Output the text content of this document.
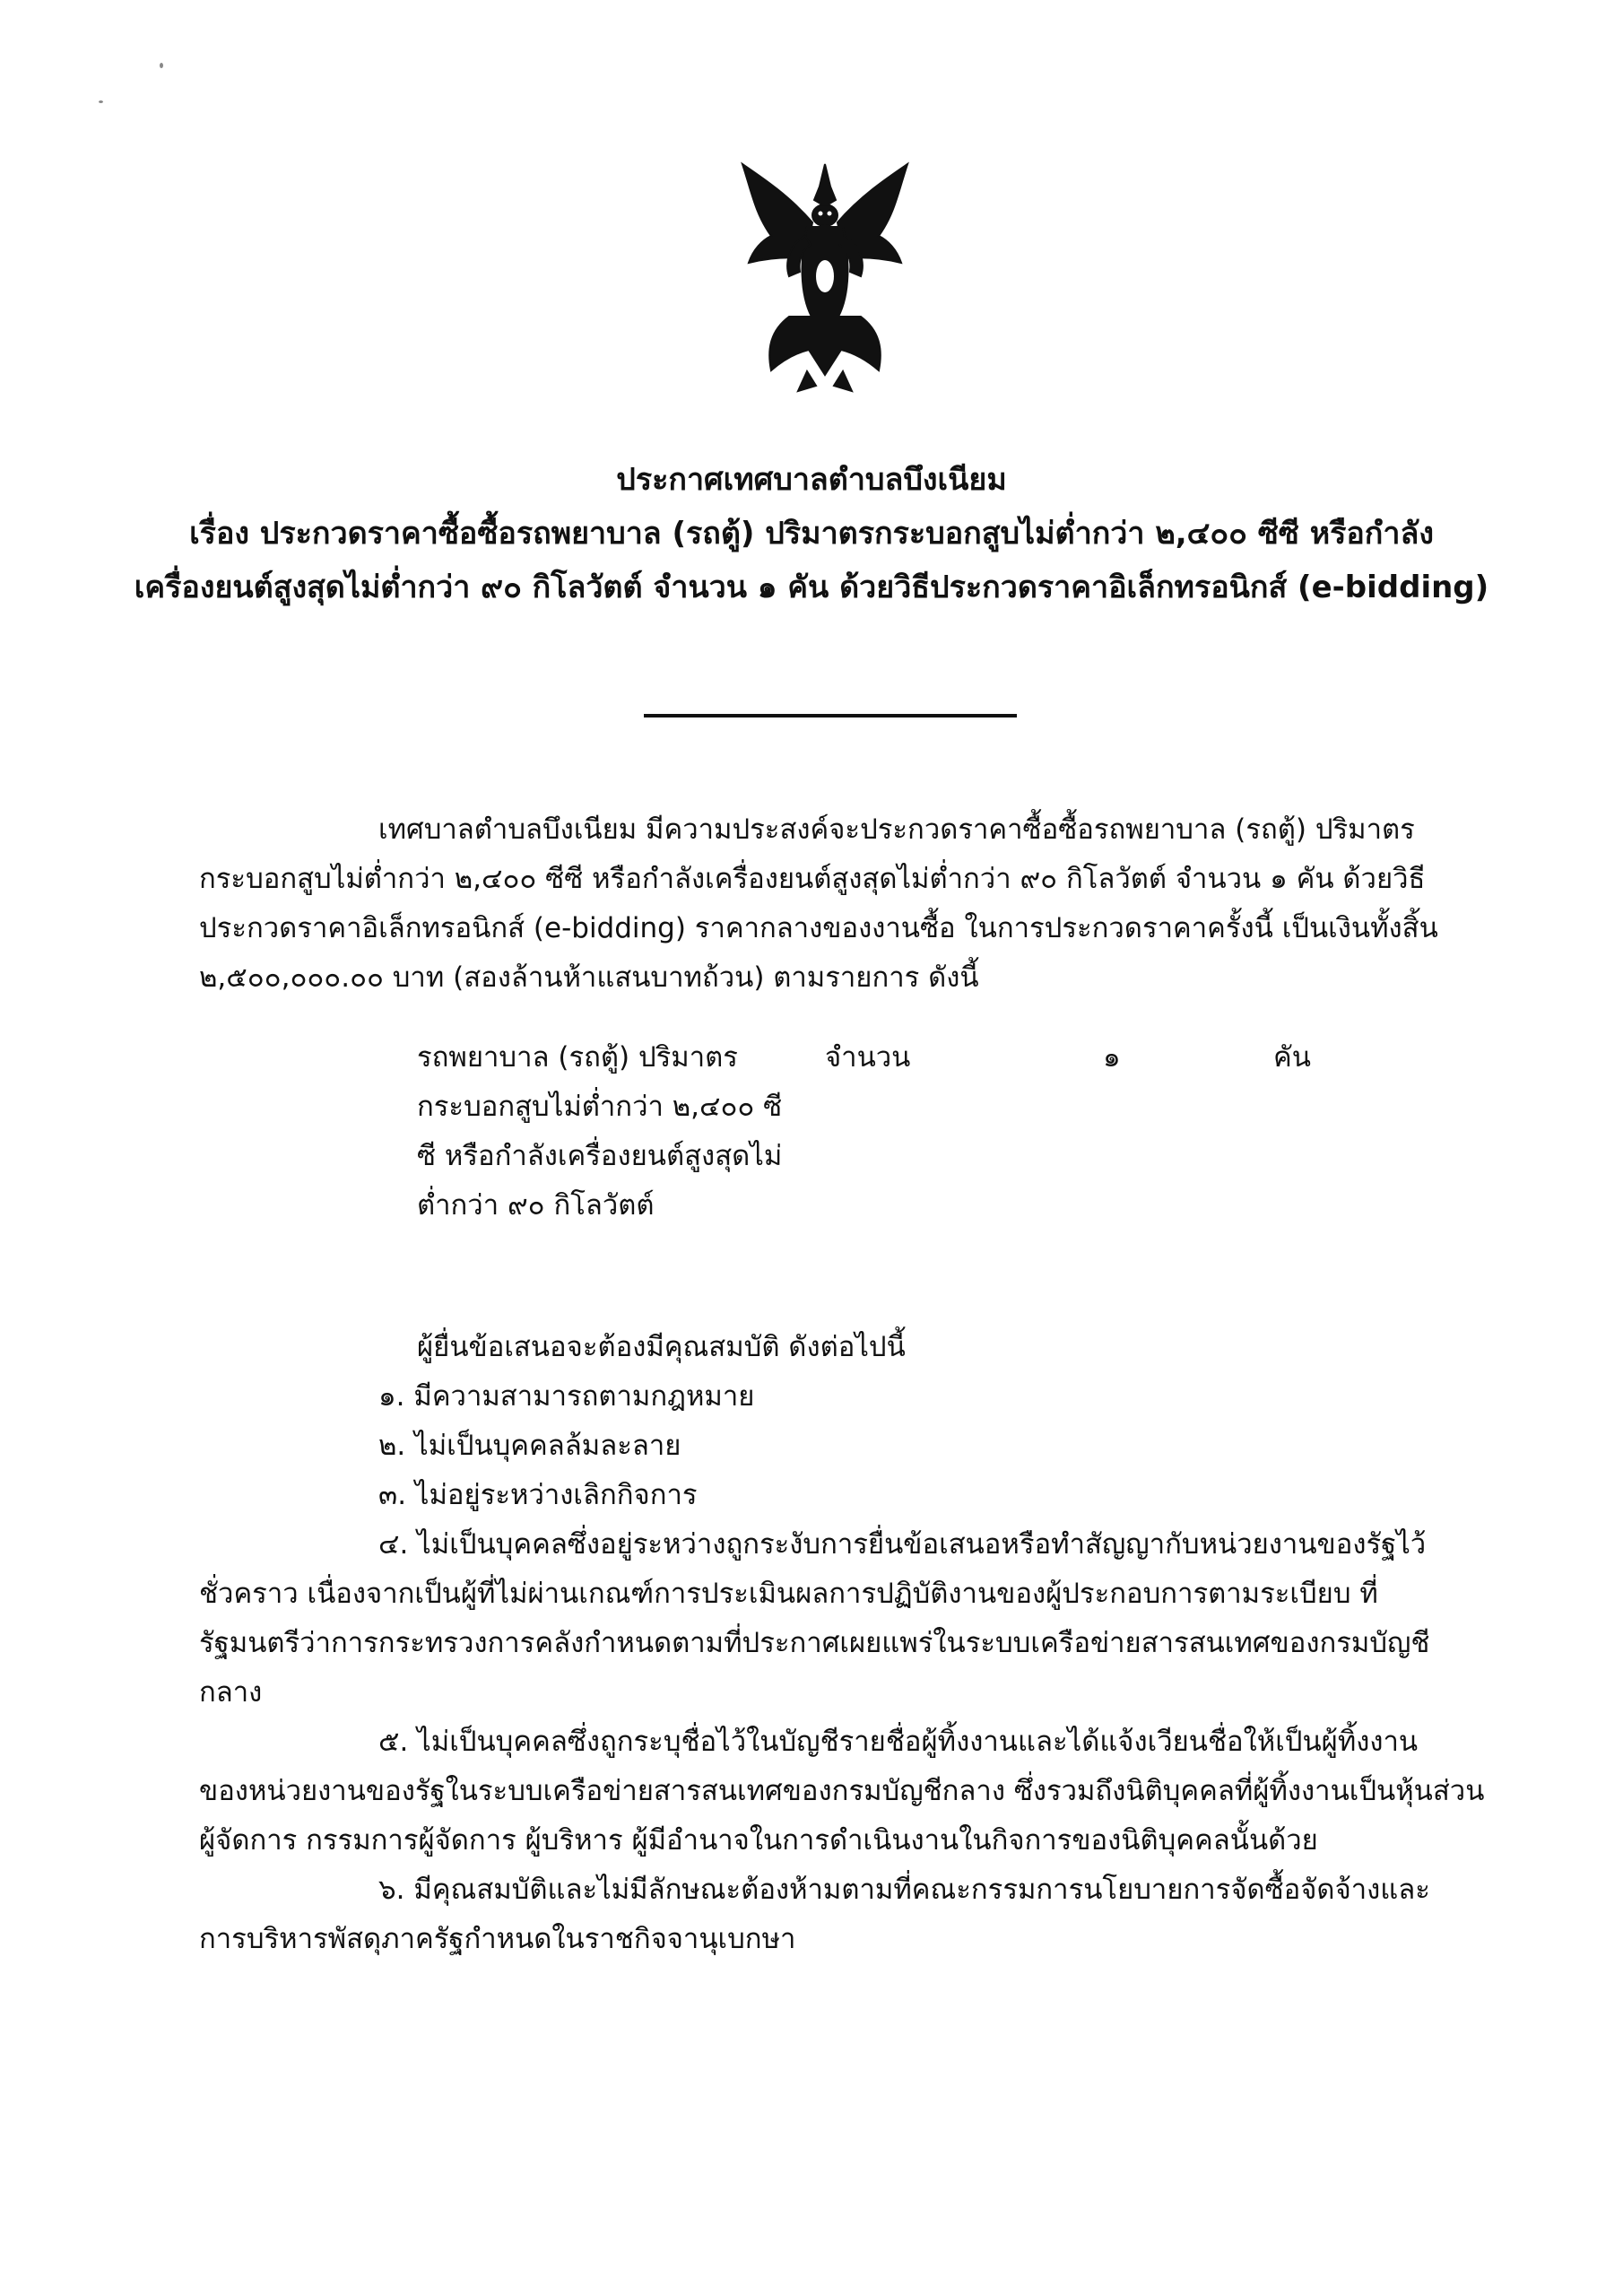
ประกาศเทศบาลตำบลบึงเนียม
เรื่อง ประกวดราคาซื้อซื้อรถพยาบาล (รถตู้) ปริมาตรกระบอกสูบไม่ต่ำกว่า ๒,๔๐๐ ซีซี หรือกำลัง
เครื่องยนต์สูงสุดไม่ต่ำกว่า ๙๐ กิโลวัตต์ จำนวน ๑ คัน ด้วยวิธีประกวดราคาอิเล็กทรอนิกส์ (e-bidding)
เทศบาลตำบลบึงเนียม มีความประสงค์จะประกวดราคาซื้อซื้อรถพยาบาล (รถตู้) ปริมาตร
กระบอกสูบไม่ต่ำกว่า ๒,๔๐๐ ซีซี หรือกำลังเครื่องยนต์สูงสุดไม่ต่ำกว่า ๙๐ กิโลวัตต์ จำนวน ๑ คัน ด้วยวิธี
ประกวดราคาอิเล็กทรอนิกส์ (e-bidding) ราคากลางของงานซื้อ ในการประกวดราคาครั้งนี้ เป็นเงินทั้งสิ้น
๒,๕๐๐,๐๐๐.๐๐ บาท (สองล้านห้าแสนบาทถ้วน) ตามรายการ ดังนี้
รถพยาบาล (รถตู้) ปริมาตร
กระบอกสูบไม่ต่ำกว่า ๒,๔๐๐ ซี
ซี หรือกำลังเครื่องยนต์สูงสุดไม่
ต่ำกว่า ๙๐ กิโลวัตต์
จำนวน	๑	คัน
ผู้ยื่นข้อเสนอจะต้องมีคุณสมบัติ ดังต่อไปนี้
๑. มีความสามารถตามกฎหมาย
๒. ไม่เป็นบุคคลล้มละลาย
๓. ไม่อยู่ระหว่างเลิกกิจการ
๔. ไม่เป็นบุคคลซึ่งอยู่ระหว่างถูกระงับการยื่นข้อเสนอหรือทำสัญญากับหน่วยงานของรัฐไว้
ชั่วคราว เนื่องจากเป็นผู้ที่ไม่ผ่านเกณฑ์การประเมินผลการปฏิบัติงานของผู้ประกอบการตามระเบียบ ที่
รัฐมนตรีว่าการกระทรวงการคลังกำหนดตามที่ประกาศเผยแพร่ในระบบเครือข่ายสารสนเทศของกรมบัญชี
กลาง
๕. ไม่เป็นบุคคลซึ่งถูกระบุชื่อไว้ในบัญชีรายชื่อผู้ทิ้งงานและได้แจ้งเวียนชื่อให้เป็นผู้ทิ้งงาน
ของหน่วยงานของรัฐในระบบเครือข่ายสารสนเทศของกรมบัญชีกลาง ซึ่งรวมถึงนิติบุคคลที่ผู้ทิ้งงานเป็นหุ้นส่วน
ผู้จัดการ กรรมการผู้จัดการ ผู้บริหาร ผู้มีอำนาจในการดำเนินงานในกิจการของนิติบุคคลนั้นด้วย
๖. มีคุณสมบัติและไม่มีลักษณะต้องห้ามตามที่คณะกรรมการนโยบายการจัดซื้อจัดจ้างและ
การบริหารพัสดุภาครัฐกำหนดในราชกิจจานุเบกษา
